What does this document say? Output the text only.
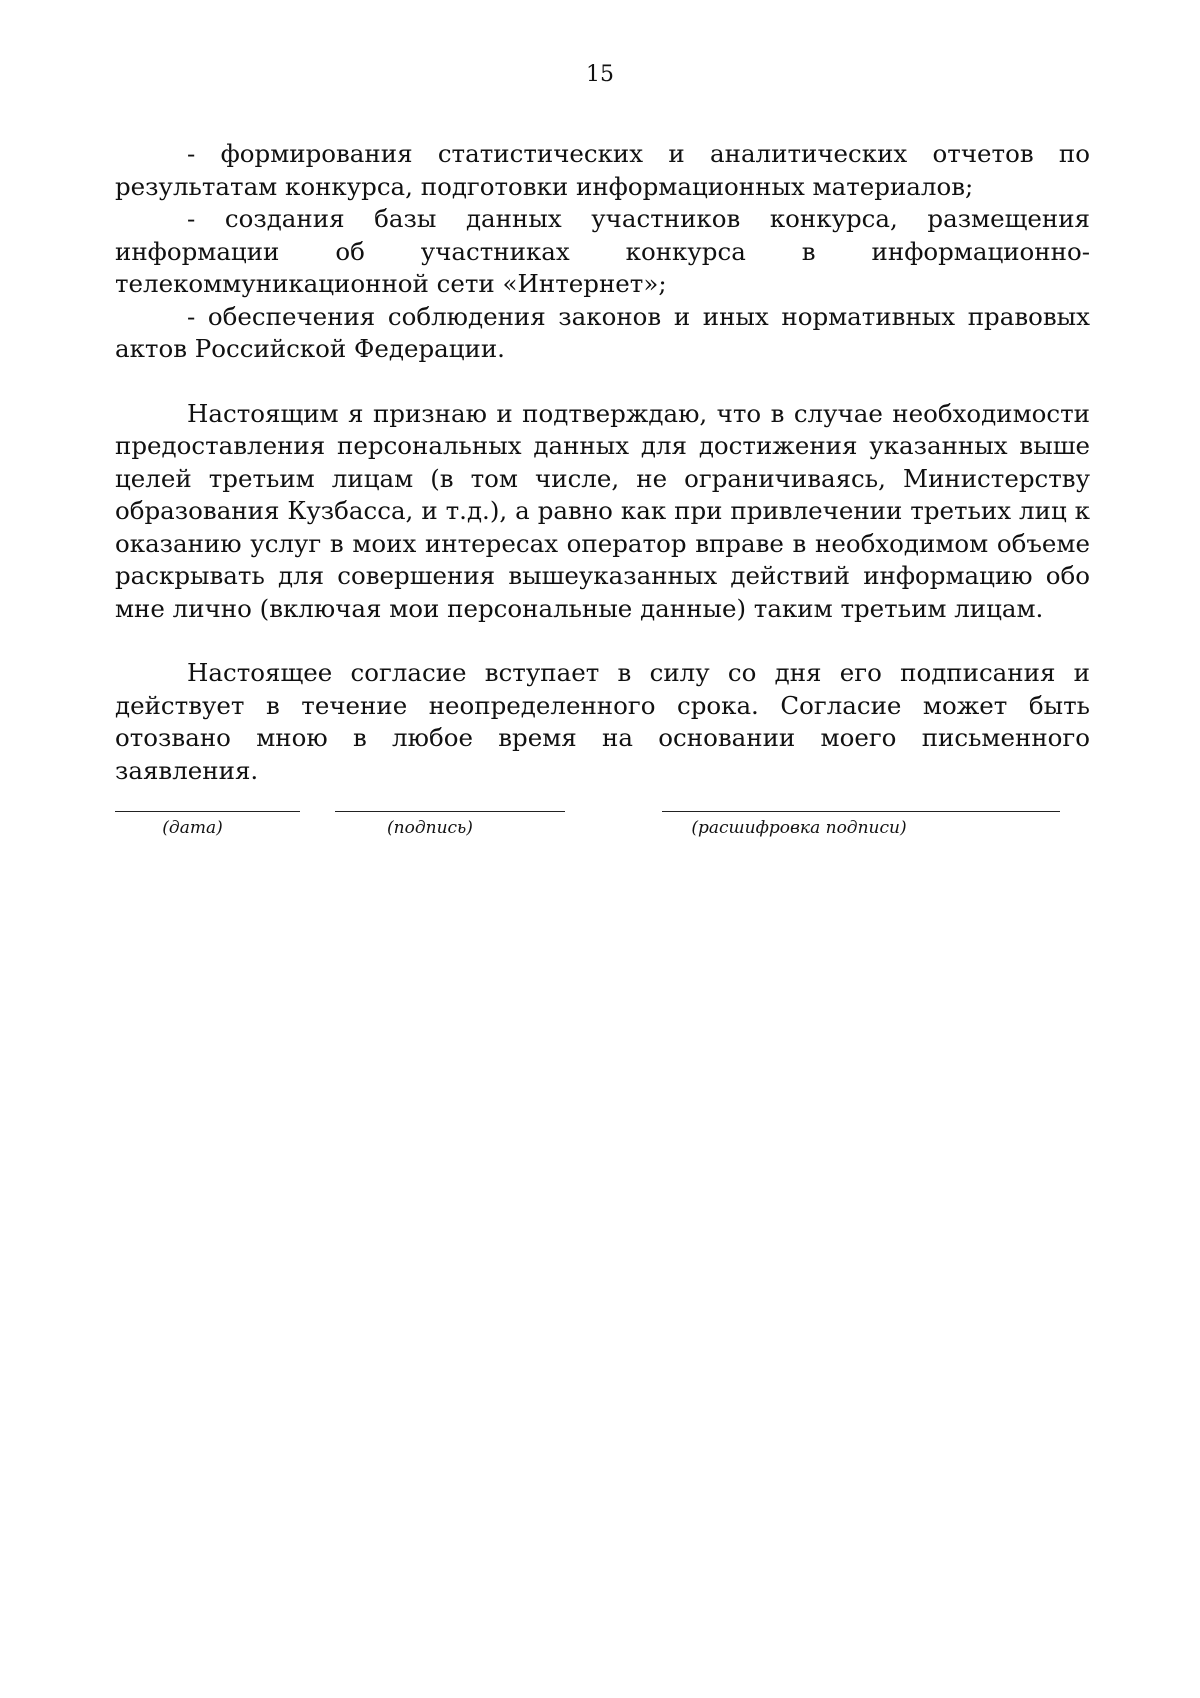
15

- формирования статистических и аналитических отчетов по результатам конкурса, подготовки информационных материалов;

- создания базы данных участников конкурса, размещения информации об участниках конкурса в информационно-телекоммуникационной сети «Интернет»;

- обеспечения соблюдения законов и иных нормативных правовых актов Российской Федерации.

Настоящим я признаю и подтверждаю, что в случае необходимости предоставления персональных данных для достижения указанных выше целей третьим лицам (в том числе, не ограничиваясь, Министерству образования Кузбасса, и т.д.), а равно как при привлечении третьих лиц к оказанию услуг в моих интересах оператор вправе в необходимом объеме раскрывать для совершения вышеуказанных действий информацию обо мне лично (включая мои персональные данные) таким третьим лицам.

Настоящее согласие вступает в силу со дня его подписания и действует в течение неопределенного срока. Согласие может быть отозвано мною в любое время на основании моего письменного заявления.

(дата)	(подпись)	(расшифровка подписи)
